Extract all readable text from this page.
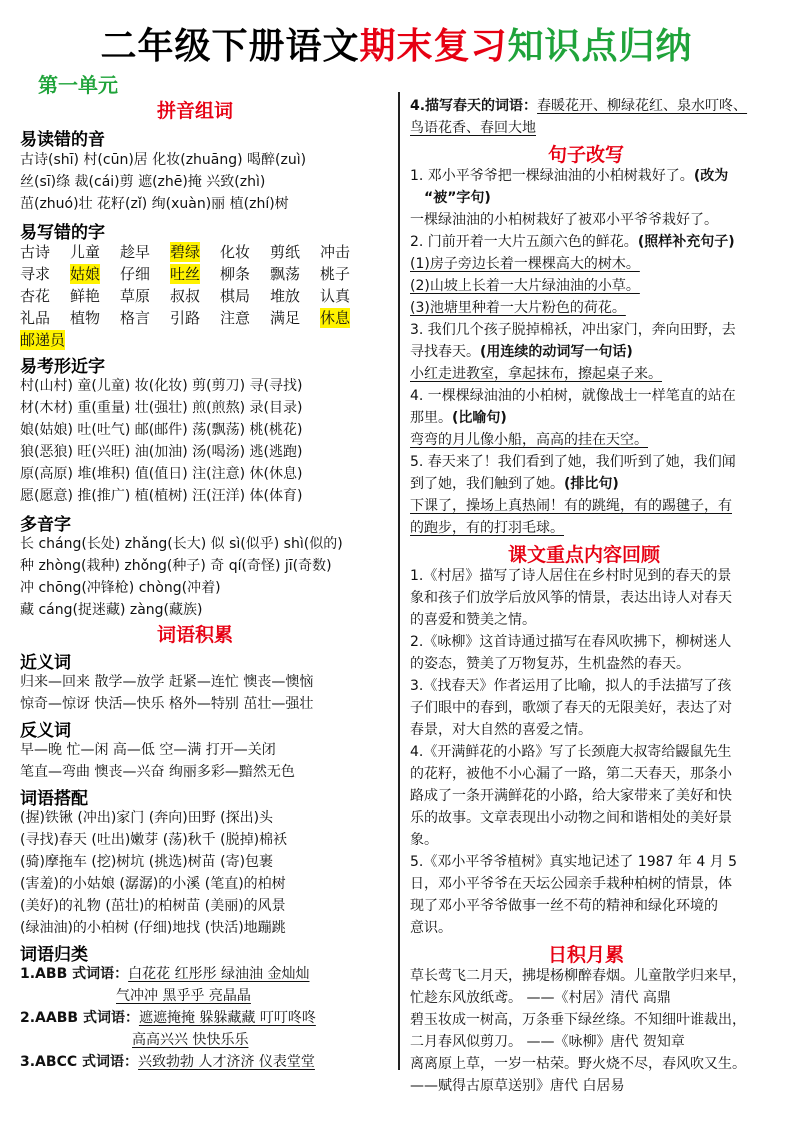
二年级下册语文期末复习知识点归纳
第一单元
拼音组词
易读错的音
古诗(shī) 村(cūn)居 化妆(zhuāng) 喝醉(zuì)
丝(sī)绦 裁(cái)剪 遮(zhē)掩 兴致(zhì)
茁(zhuó)壮 花籽(zǐ) 绚(xuàn)丽 植(zhí)树
易写错的字
古诗 儿童 趁早 碧绿 化妆 剪纸 冲击
寻求 姑娘 仔细 吐丝 柳条 飘荡 桃子
杏花 鲜艳 草原 叔叔 棋局 堆放 认真
礼品 植物 格言 引路 注意 满足 休息
邮递员
易考形近字
村(山村) 童(儿童) 妆(化妆) 剪(剪刀) 寻(寻找)
材(木材) 重(重量) 壮(强壮) 煎(煎熬) 录(目录)
娘(姑娘) 吐(吐气) 邮(邮件) 荡(飘荡) 桃(桃花)
狼(恶狼) 旺(兴旺) 油(加油) 汤(喝汤) 逃(逃跑)
原(高原) 堆(堆积) 值(值日) 注(注意) 休(休息)
愿(愿意) 推(推广) 植(植树) 汪(汪洋) 体(体育)
多音字
长 cháng(长处) zhǎng(长大) 似 sì(似乎) shì(似的)
种 zhòng(栽种) zhǒng(种子) 奇 qí(奇怪) jī(奇数)
冲 chōng(冲锋枪) chòng(冲着)
藏 cáng(捉迷藏) zàng(藏族)
词语积累
近义词
归来—回来 散学—放学 赶紧—连忙 懊丧—懊恼
惊奇—惊讶 快活—快乐 格外—特别 茁壮—强壮
反义词
早—晚 忙—闲 高—低 空—满 打开—关闭
笔直—弯曲 懊丧—兴奋 绚丽多彩—黯然无色
词语搭配
(握)铁锹 (冲出)家门 (奔向)田野 (探出)头
(寻找)春天 (吐出)嫩芽 (荡)秋千 (脱掉)棉袄
(骑)摩拖车 (挖)树坑 (挑选)树苗 (寄)包裹
(害羞)的小姑娘 (潺潺)的小溪 (笔直)的柏树
(美好)的礼物 (茁壮)的柏树苗 (美丽)的风景
(绿油油)的小柏树 (仔细)地找 (快活)地蹦跳
词语归类
1.ABB 式词语：白花花 红彤彤 绿油油 金灿灿
气冲冲 黑乎乎 亮晶晶
2.AABB 式词语：遮遮掩掩 躲躲藏藏 叮叮咚咚
高高兴兴 快快乐乐
3.ABCC 式词语：兴致勃勃 人才济济 仪表堂堂
4.描写春天的词语：春暖花开、柳绿花红、泉水叮咚、
鸟语花香、春回大地
句子改写
1. 邓小平爷爷把一棵绿油油的小柏树栽好了。(改为
“被”字句)
一棵绿油油的小柏树栽好了被邓小平爷爷栽好了。
2. 门前开着一大片五颜六色的鲜花。(照样补充句子)
(1)房子旁边长着一棵棵高大的树木。
(2)山坡上长着一大片绿油油的小草。
(3)池塘里种着一大片粉色的荷花。
3. 我们几个孩子脱掉棉袄，冲出家门，奔向田野，去
寻找春天。(用连续的动词写一句话)
小红走进教室，拿起抹布，擦起桌子来。
4. 一棵棵绿油油的小柏树，就像战士一样笔直的站在
那里。(比喻句)
弯弯的月儿像小船，高高的挂在天空。
5. 春天来了！我们看到了她，我们听到了她，我们闻
到了她，我们触到了她。(排比句)
下课了，操场上真热闹！有的跳绳，有的踢毽子，有
的跑步，有的打羽毛球。
课文重点内容回顾
1.《村居》描写了诗人居住在乡村时见到的春天的景
象和孩子们放学后放风筝的情景，表达出诗人对春天
的喜爱和赞美之情。
2.《咏柳》这首诗通过描写在春风吹拂下，柳树迷人
的姿态，赞美了万物复苏，生机盎然的春天。
3.《找春天》作者运用了比喻，拟人的手法描写了孩
子们眼中的春到，歌颂了春天的无限美好，表达了对
春景，对大自然的喜爱之情。
4.《开满鲜花的小路》写了长颈鹿大叔寄给鼹鼠先生
的花籽，被他不小心漏了一路，第二天春天，那条小
路成了一条开满鲜花的小路，给大家带来了美好和快
乐的故事。文章表现出小动物之间和谐相处的美好景
象。
5.《邓小平爷爷植树》真实地记述了 1987 年 4 月 5
日，邓小平爷爷在天坛公园亲手栽种柏树的情景，体
现了邓小平爷爷做事一丝不苟的精神和绿化环境的
意识。
日积月累
草长莺飞二月天，拂堤杨柳醉春烟。儿童散学归来早，
忙趁东风放纸鸢。 ——《村居》清代 高鼎
碧玉妆成一树高，万条垂下绿丝绦。不知细叶谁裁出，
二月春风似剪刀。 ——《咏柳》唐代 贺知章
离离原上草，一岁一枯荣。野火烧不尽，春风吹又生。
——赋得古原草送别》唐代 白居易
